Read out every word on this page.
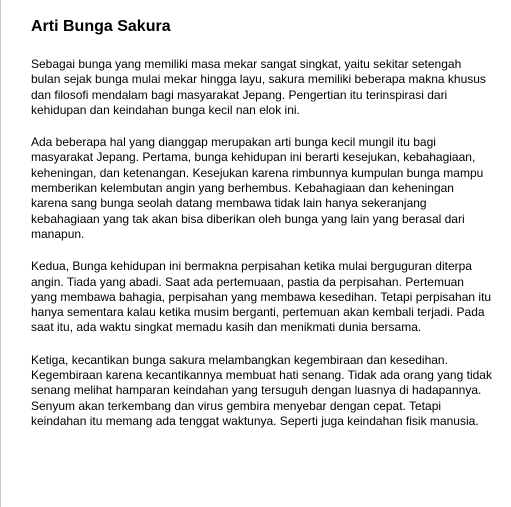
Arti Bunga Sakura

Sebagai bunga yang memiliki masa mekar sangat singkat, yaitu sekitar setengah bulan sejak bunga mulai mekar hingga layu, sakura memiliki beberapa makna khusus dan filosofi mendalam bagi masyarakat Jepang. Pengertian itu terinspirasi dari kehidupan dan keindahan bunga kecil nan elok ini.

Ada beberapa hal yang dianggap merupakan arti bunga kecil mungil itu bagi masyarakat Jepang. Pertama, bunga kehidupan ini berarti kesejukan, kebahagiaan, keheningan, dan ketenangan. Kesejukan karena rimbunnya kumpulan bunga mampu memberikan kelembutan angin yang berhembus. Kebahagiaan dan keheningan karena sang bunga seolah datang membawa tidak lain hanya sekeranjang kebahagiaan yang tak akan bisa diberikan oleh bunga yang lain yang berasal dari manapun.

Kedua, Bunga kehidupan ini bermakna perpisahan ketika mulai berguguran diterpa angin. Tiada yang abadi. Saat ada pertemuaan, pastia da perpisahan. Pertemuan yang membawa bahagia, perpisahan yang membawa kesedihan. Tetapi perpisahan itu hanya sementara kalau ketika musim berganti, pertemuan akan kembali terjadi. Pada saat itu, ada waktu singkat memadu kasih dan menikmati dunia bersama.

Ketiga, kecantikan bunga sakura melambangkan kegembiraan dan kesedihan. Kegembiraan karena kecantikannya membuat hati senang. Tidak ada orang yang tidak senang melihat hamparan keindahan yang tersuguh dengan luasnya di hadapannya. Senyum akan terkembang dan virus gembira menyebar dengan cepat. Tetapi keindahan itu memang ada tenggat waktunya. Seperti juga keindahan fisik manusia.
